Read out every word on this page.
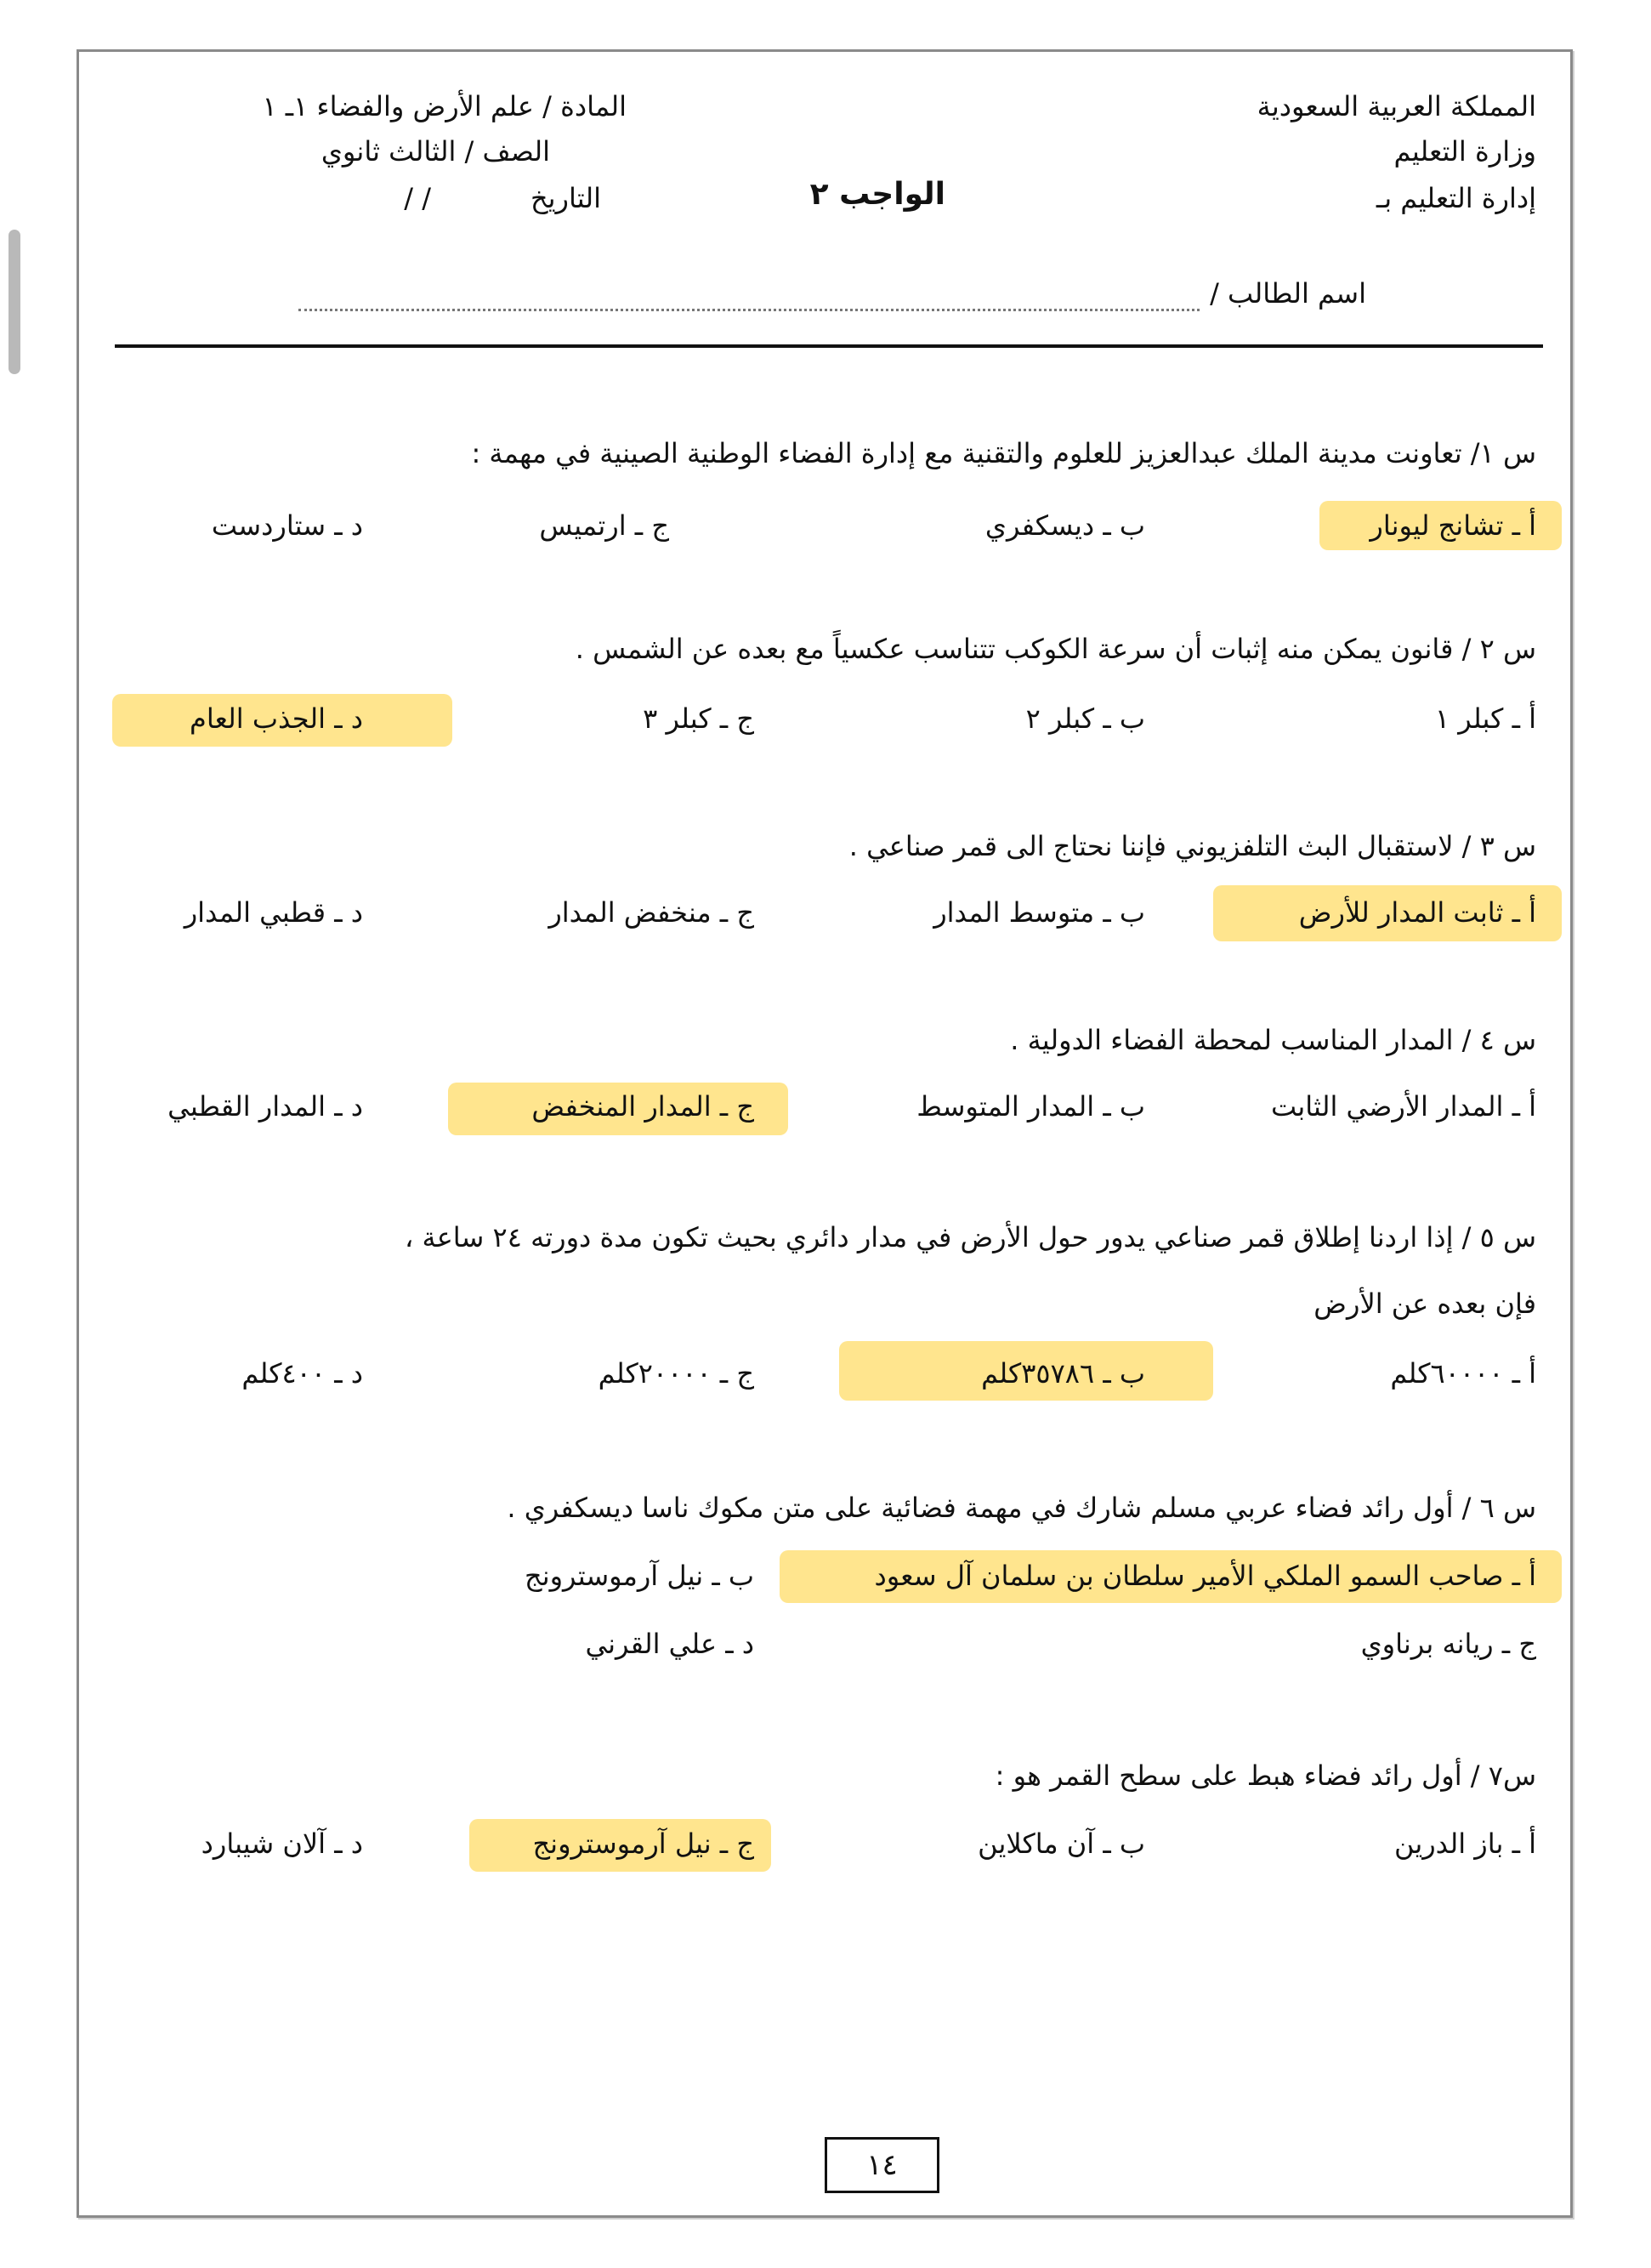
المملكة العربية السعودية
وزارة التعليم
إدارة التعليم بـ
المادة / علم الأرض والفضاء ١ـ ١
الصف / الثالث ثانوي
التاريخ
/ /	الواجب ٢
اسم الطالب /
س ١/ تعاونت مدينة الملك عبدالعزيز للعلوم والتقنية مع إدارة الفضاء الوطنية الصينية في مهمة :
أ ـ تشانج ليونار
ب ـ ديسكفري
ج ـ ارتميس
د ـ ستاردست
س ٢ / قانون يمكن منه إثبات أن سرعة الكوكب تتناسب عكسياً مع بعده عن الشمس .
أ ـ كبلر ١
ب ـ كبلر ٢
ج ـ كبلر ٣
د ـ الجذب العام
س ٣ / لاستقبال البث التلفزيوني فإننا نحتاج الى قمر صناعي .
أ ـ ثابت المدار للأرض
ب ـ متوسط المدار
ج ـ منخفض المدار
د ـ قطبي المدار
س ٤ / المدار المناسب لمحطة الفضاء الدولية .
أ ـ المدار الأرضي الثابت
ب ـ المدار المتوسط
ج ـ المدار المنخفض
د ـ المدار القطبي
س ٥ / إذا اردنا إطلاق قمر صناعي يدور حول الأرض في مدار دائري بحيث تكون مدة دورته ٢٤ ساعة ،
فإن بعده عن الأرض
أ ـ ٦٠٠٠٠كلم
ب ـ ٣٥٧٨٦كلم
ج ـ ٢٠٠٠٠كلم
د ـ ٤٠٠كلم
س ٦ / أول رائد فضاء عربي مسلم شارك في مهمة فضائية على متن مكوك ناسا ديسكفري .
أ ـ صاحب السمو الملكي الأمير سلطان بن سلمان آل سعود
ب ـ نيل آرموسترونج
ج ـ ريانه برناوي
د ـ علي القرني
س٧ / أول رائد فضاء هبط على سطح القمر هو :
أ ـ باز الدرين
ب ـ آن ماكلاين
ج ـ نيل آرموسترونج
د ـ آلان شيبارد
١٤
